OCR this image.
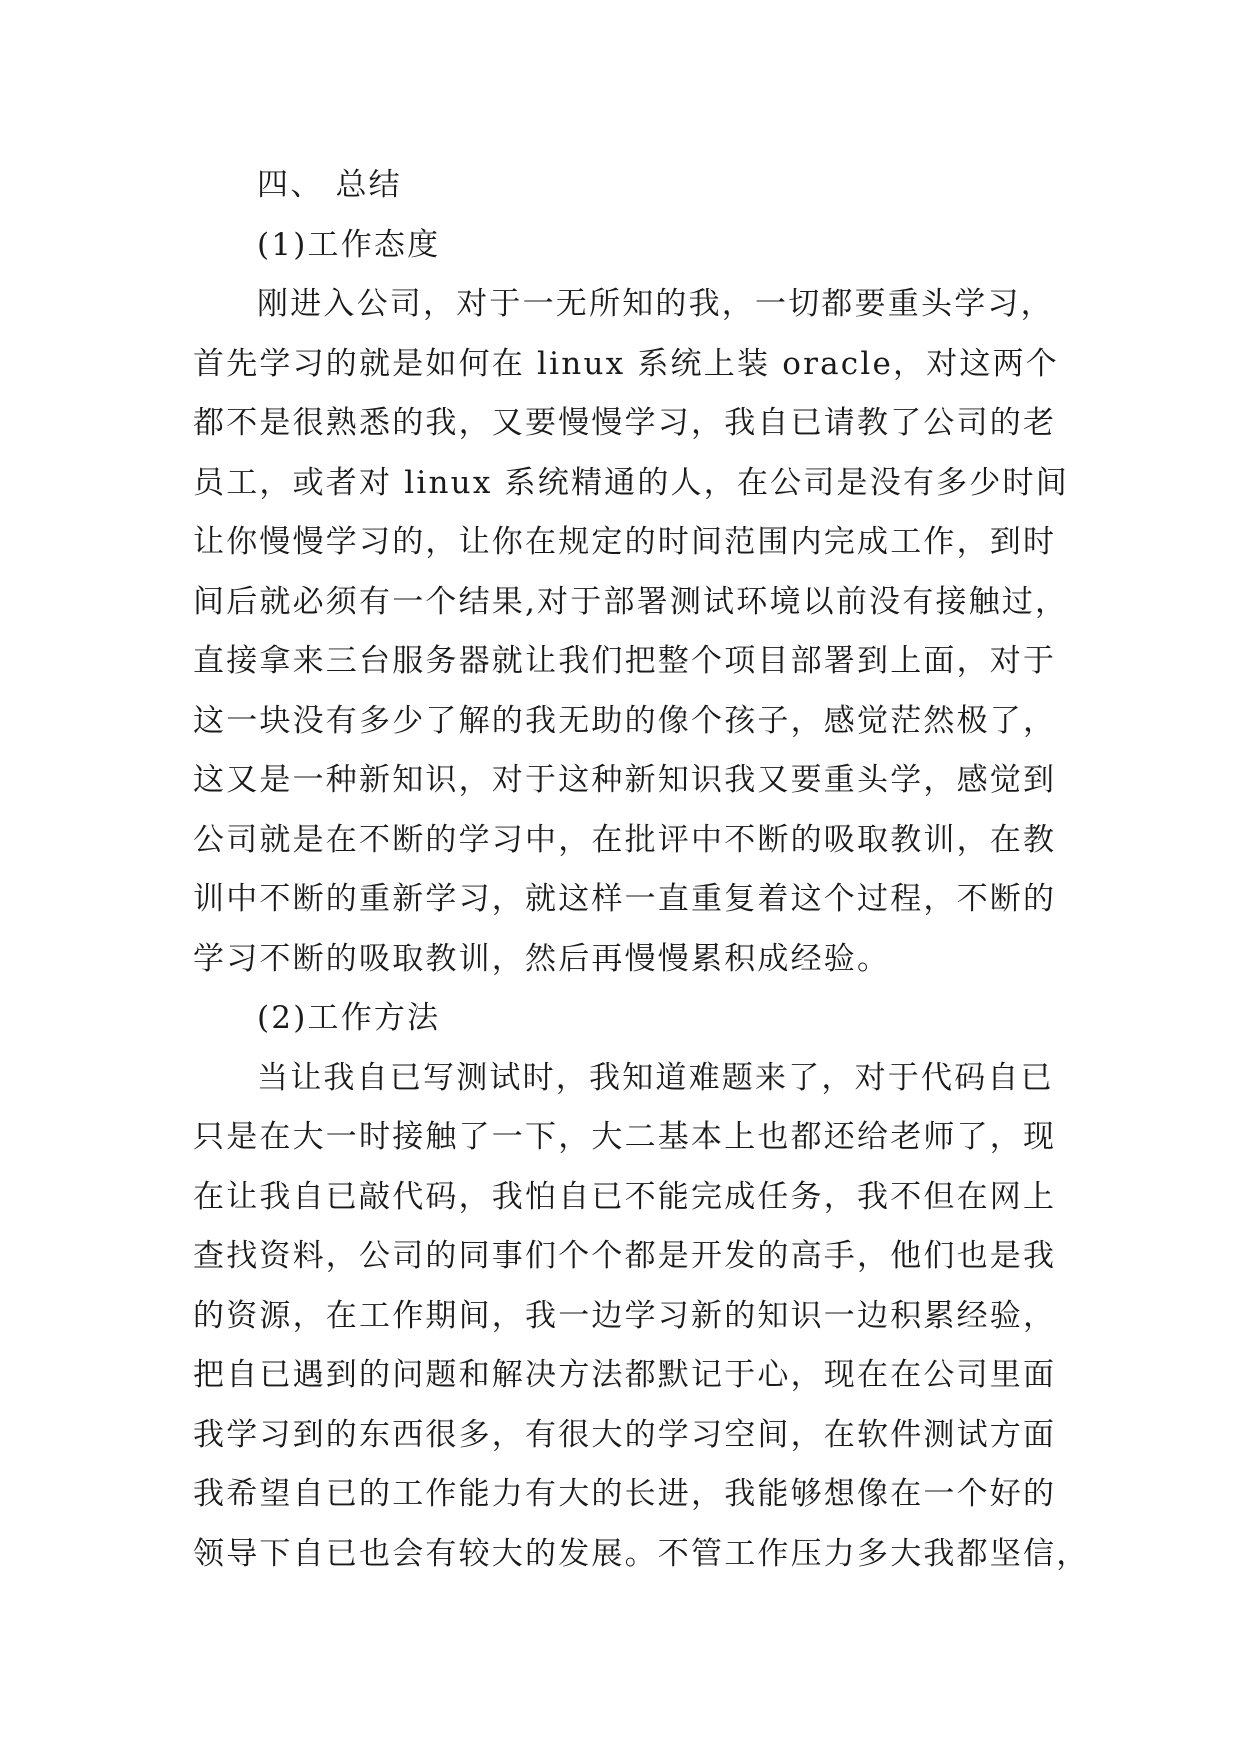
四、 总结
(1)工作态度
刚进入公司，对于一无所知的我，一切都要重头学习，
首先学习的就是如何在 linux 系统上装 oracle，对这两个
都不是很熟悉的我，又要慢慢学习，我自已请教了公司的老
员工，或者对 linux 系统精通的人，在公司是没有多少时间
让你慢慢学习的，让你在规定的时间范围内完成工作，到时
间后就必须有一个结果,对于部署测试环境以前没有接触过，
直接拿来三台服务器就让我们把整个项目部署到上面，对于
这一块没有多少了解的我无助的像个孩子，感觉茫然极了，
这又是一种新知识，对于这种新知识我又要重头学，感觉到
公司就是在不断的学习中，在批评中不断的吸取教训，在教
训中不断的重新学习，就这样一直重复着这个过程，不断的
学习不断的吸取教训，然后再慢慢累积成经验。
(2)工作方法
当让我自已写测试时，我知道难题来了，对于代码自已
只是在大一时接触了一下，大二基本上也都还给老师了，现
在让我自已敲代码，我怕自已不能完成任务，我不但在网上
查找资料，公司的同事们个个都是开发的高手，他们也是我
的资源，在工作期间，我一边学习新的知识一边积累经验，
把自已遇到的问题和解决方法都默记于心，现在在公司里面
我学习到的东西很多，有很大的学习空间，在软件测试方面
我希望自已的工作能力有大的长进，我能够想像在一个好的
领导下自已也会有较大的发展。不管工作压力多大我都坚信，
